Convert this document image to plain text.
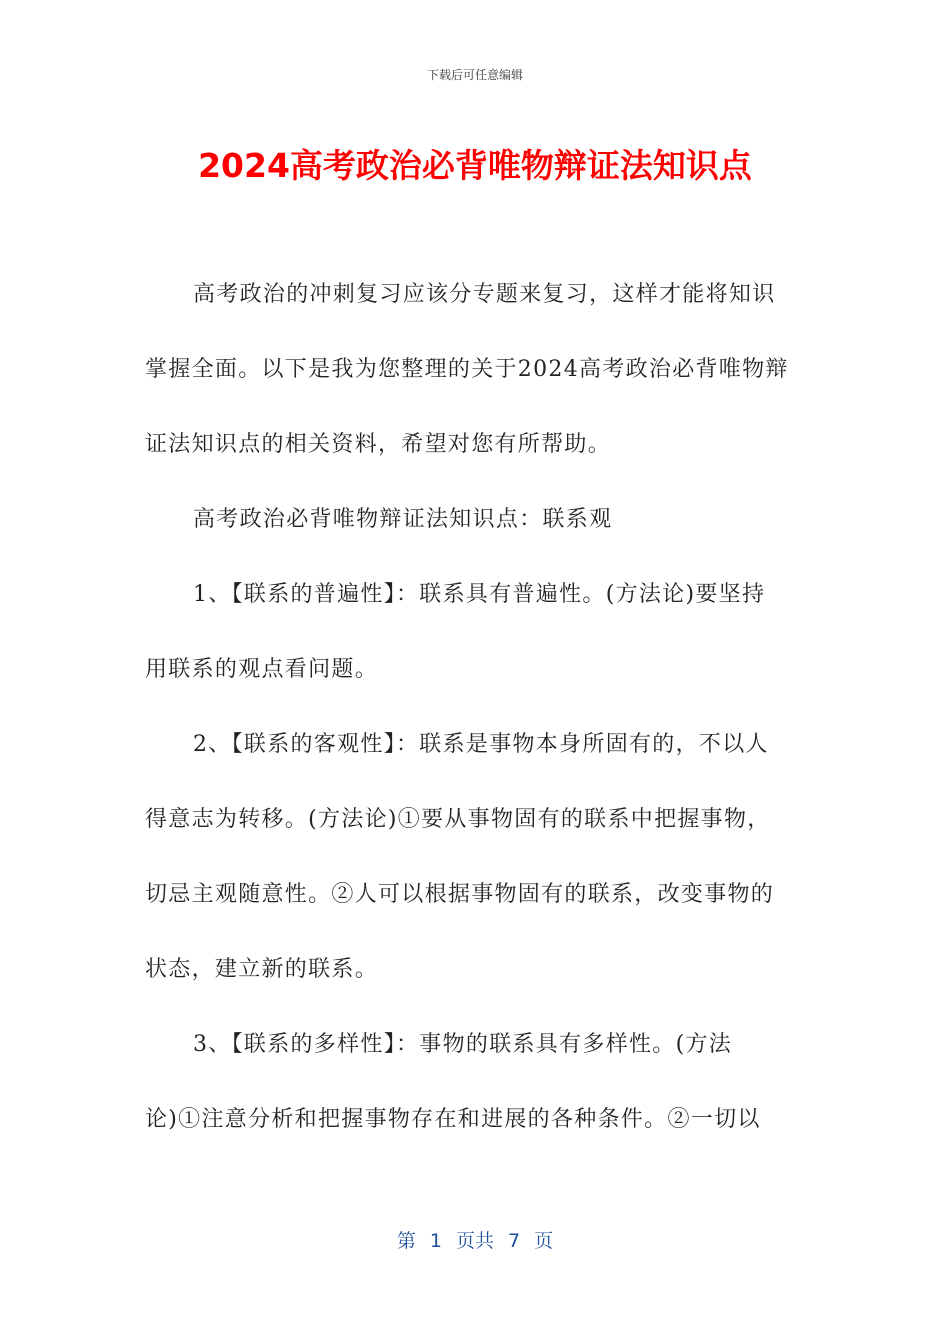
下载后可任意编辑
2024高考政治必背唯物辩证法知识点
高考政治的冲刺复习应该分专题来复习，这样才能将知识
掌握全面。以下是我为您整理的关于2024高考政治必背唯物辩
证法知识点的相关资料，希望对您有所帮助。
高考政治必背唯物辩证法知识点：联系观
1、【联系的普遍性】：联系具有普遍性。(方法论)要坚持
用联系的观点看问题。
2、【联系的客观性】：联系是事物本身所固有的，不以人
得意志为转移。(方法论)①要从事物固有的联系中把握事物，
切忌主观随意性。②人可以根据事物固有的联系，改变事物的
状态，建立新的联系。
3、【联系的多样性】：事物的联系具有多样性。(方法
论)①注意分析和把握事物存在和进展的各种条件。②一切以
第 1 页共 7 页
